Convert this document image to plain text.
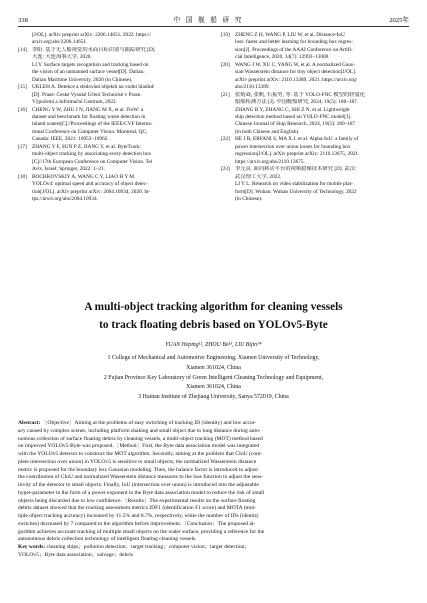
338	中 国 舰 船 研 究	2025年
[J/OL]. arXiv preprint arXiv: 2206.14651, 2022. https://
arxiv.org/abs/2206.14651.
[14] 李阳. 基于无人船视觉的水面目标识别与跟踪研究 [D].
大连: 大连海事大学, 2020.
LI Y. Surface targets recognition and tracking based on
the vision of an unmanned surface vessel[D]. Dalian:
Dalian Maritime University, 2020 (in Chinese).
[15] UKLEH A. Detekce a sledování objektů na vodní hladině
[D]. Praze: České Vysoké Učení Technické v Praze.
Výpočetní a Informační Centrum, 2022.
[16] CHENG Y W, ZHU J N, JIANG M X, et al. FloW: a
dataset and benchmark for floating waste detection in
inland waters[C]//Proceedings of the IEEE/CVF Interna-
tional Conference on Computer Vision. Montreal, QC,
Canada: IEEE, 2021: 10953–10962.
[17] ZHANG Y F, SUN P Z, JIANG Y, et al. ByteTrack:
multi-object tracking by associating every detection box
[C]//17th European Conference on Computer Vision. Tel
Aviv, Israel: Springer, 2022: 1–21.
[18] BOCHKOVSKIY A, WANG C Y, LIAO H Y M.
YOLOv4: optimal speed and accuracy of object detec-
tion[J/OL]. arXiv preprint arXiv: 2004.10934, 2020. ht-
tps://arxiv.org/abs/2004.10934.
[19] ZHENG Z H, WANG P, LIU W, et al. Distance-IoU
loss: faster and better learning for bounding box regres-
sion[J]. Proceedings of the AAAI Conference on Artifi-
cial Intelligence, 2020, 34(7): 12993–13000.
[20] WANG J W, XU C, YANG W, et al. A normalized Gaus-
sian Wasserstein distance for tiny object detection[J/OL].
arXiv preprint arXiv: 2110.13389, 2021. https://arxiv.org/
abs/2110.13389.
[21] 张炳焱, 张帆, 石振男, 等. 基于 YOLO-FNC 模型的轻量化
船舶检测方法 [J]. 中国舰船研究, 2024, 19(5): 180–187.
ZHANG B Y, ZHANG C, SHI Z N, et al. Lightweight
ship detection method based on YOLO-FNC model[J].
Chinese Journal of Ship Research, 2024, 19(5): 180–187
(in both Chinese and English).
[22] HE J B, ERFANI S, MA X J, et al. Alpha-IoU: a family of
power intersection over union losses for bounding box
regression[J/OL]. arXiv preprint arXiv: 2110.13675, 2021.
https://arxiv.org/abs/2110.13675.
[23] 李元良. 面向移动平台的视频稳像技术研究 [D]. 武汉:
武汉理工大学, 2022.
LI Y L. Research on video stabilization for mobile plat-
form[D]. Wuhan: Wuhan University of Technology, 2022
(in Chinese).
A multi-object tracking algorithm for cleaning vessels
to track floating debris based on YOLOv5-Byte
YUAN Heping¹², ZHOU Bo¹³, LIU Bijin¹*
1 College of Mechanical and Automotive Engineering, Xiamen University of Technology,
Xiamen 361024, China
2 Fujian Province Key Laboratory of Green Intelligent Cleaning Technology and Equipment,
Xiamen 361024, China
3 Hainan Institute of Zhejiang University, Sanya 572019, China
Abstract: ［Objective］Aiming at the problems of easy switching of tracking ID (identity) and low accur-
acy caused by complex scenes, including platform shaking and small object due to long distance during auto-
nomous collection of surface floating debris by cleaning vessels, a multi-object tracking (MOT) method based
on improved YOLOv5-Byte was proposed.［Method］First, the Byte data association model was integrated
with the YOLOv5 detector to construct the MOT algorithm. Secondly, aiming at the problem that CIoU (com-
plete intersection over union) in YOLOv5 is sensitive to small objects, the normalized Wasserstein distance
metric is proposed for the boundary box Gaussian modeling. Then, the balance factor is introduced to adjust
the contribution of CIoU and normalized Wasserstein distance measures to the loss function to adjust the sens-
itivity of the detector to small objects. Finally, IoU (intersection over union) is introduced into the adjustable
hyper-parameter in the form of a power exponent in the Byte data association model to reduce the risk of small
objects being discarded due to low confidence.［Results］The experimental results on the surface floating
debris dataset showed that the tracking assessment metrics IDF1 (identification F1 score) and MOTA (mul-
tiple object tracking accuracy) increased by 11.5% and 8.7%, respectively, while the number of IDs (identity
switches) decreased by 7 compared to the algorithm before improvement.［Conclusion］The proposed al-
gorithm achieves accurate tracking of multiple small objects on the water surface, providing a reference for the
autonomous debris collection technology of intelligent floating cleaning vessels.
Key words: cleaning ships；pollution detection；target tracking；computer vision；target detection；
YOLOv5；Byte data association；salvage；debris
